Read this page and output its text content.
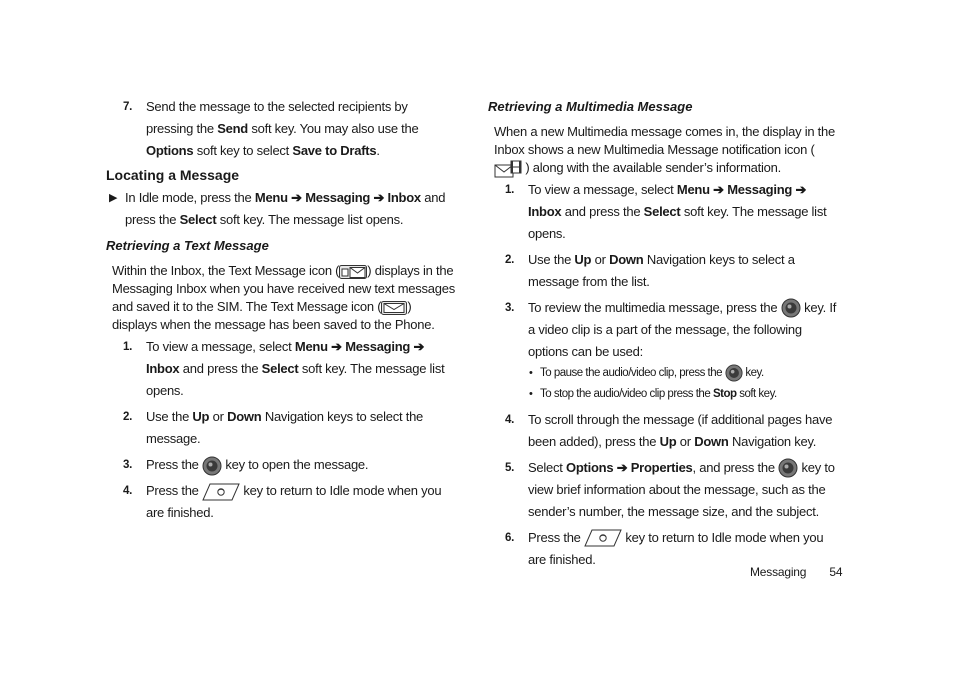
7. Send the message to the selected recipients by pressing the Send soft key. You may also use the Options soft key to select Save to Drafts.
Locating a Message
▶ In Idle mode, press the Menu ➔ Messaging ➔ Inbox and press the Select soft key. The message list opens.
Retrieving a Text Message
Within the Inbox, the Text Message icon ( ) displays in the Messaging Inbox when you have received new text messages and saved it to the SIM. The Text Message icon ( ) displays when the message has been saved to the Phone.
1. To view a message, select Menu ➔ Messaging ➔ Inbox and press the Select soft key. The message list opens.
2. Use the Up or Down Navigation keys to select the message.
3. Press the  key to open the message.
4. Press the	key to return to Idle mode when you are finished.
Retrieving a Multimedia Message
When a new Multimedia message comes in, the display in the Inbox shows a new Multimedia Message notification icon (  ) along with the available sender’s information.
1. To view a message, select Menu ➔ Messaging ➔ Inbox and press the Select soft key. The message list opens.
2. Use the Up or Down Navigation keys to select a message from the list.
3. To review the multimedia message, press the  key. If a video clip is a part of the message, the following options can be used:
• To pause the audio/video clip, press the  key.
• To stop the audio/video clip press the Stop soft key.
4. To scroll through the message (if additional pages have been added), press the Up or Down Navigation key.
5. Select Options ➔ Properties, and press the  key to view brief information about the message, such as the sender’s number, the message size, and the subject.
6. Press the	key to return to Idle mode when you are finished.
Messaging 54
